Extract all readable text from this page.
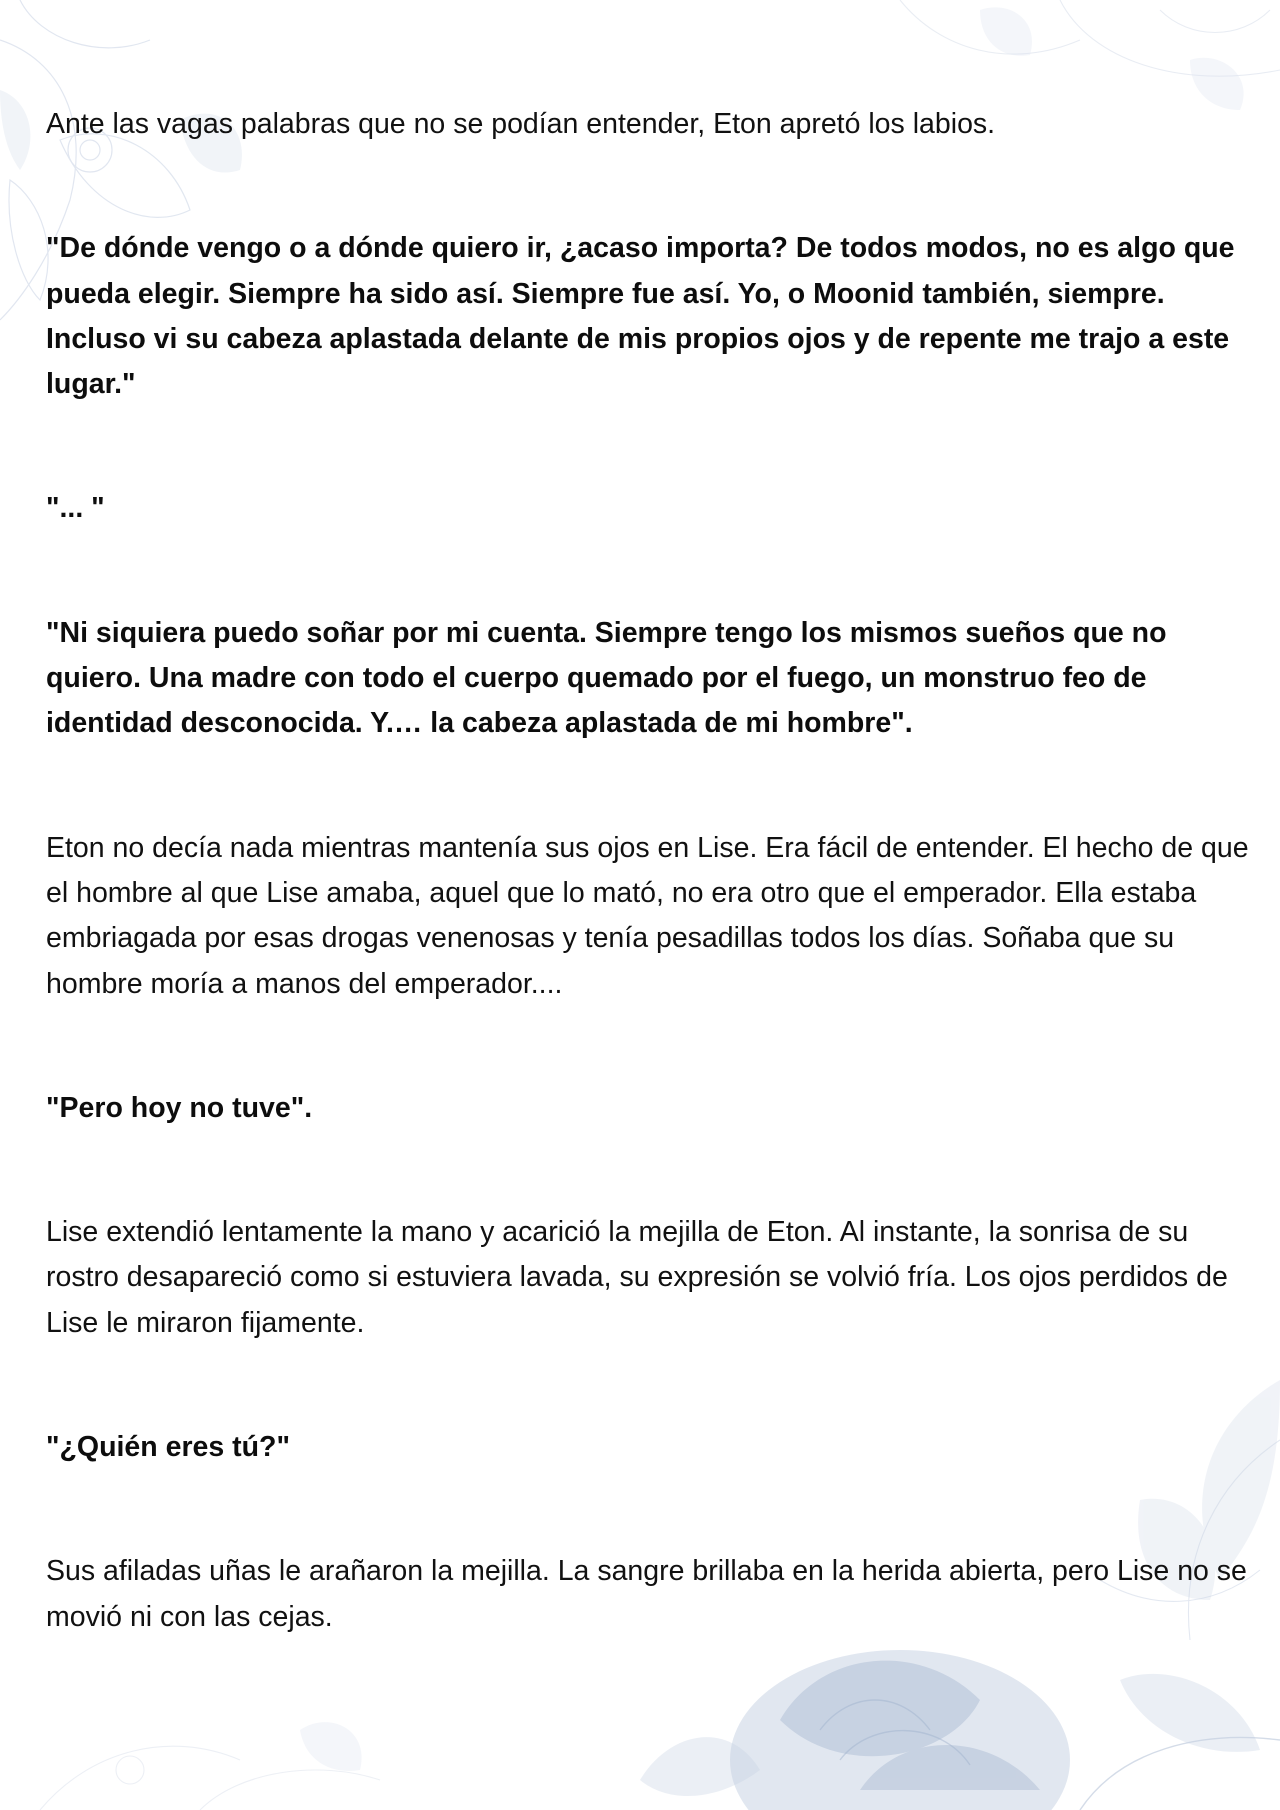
Ante las vagas palabras que no se podían entender, Eton apretó los labios.

"De dónde vengo o a dónde quiero ir, ¿acaso importa? De todos modos, no es algo que pueda elegir. Siempre ha sido así. Siempre fue así. Yo, o Moonid también, siempre. Incluso vi su cabeza aplastada delante de mis propios ojos y de repente me trajo a este lugar."

"... "

"Ni siquiera puedo soñar por mi cuenta. Siempre tengo los mismos sueños que no quiero. Una madre con todo el cuerpo quemado por el fuego, un monstruo feo de identidad desconocida. Y.… la cabeza aplastada de mi hombre".

Eton no decía nada mientras mantenía sus ojos en Lise. Era fácil de entender. El hecho de que el hombre al que Lise amaba, aquel que lo mató, no era otro que el emperador. Ella estaba embriagada por esas drogas venenosas y tenía pesadillas todos los días. Soñaba que su hombre moría a manos del emperador....

"Pero hoy no tuve".

Lise extendió lentamente la mano y acarició la mejilla de Eton. Al instante, la sonrisa de su rostro desapareció como si estuviera lavada, su expresión se volvió fría. Los ojos perdidos de Lise le miraron fijamente.

"¿Quién eres tú?"

Sus afiladas uñas le arañaron la mejilla. La sangre brillaba en la herida abierta, pero Lise no se movió ni con las cejas.
